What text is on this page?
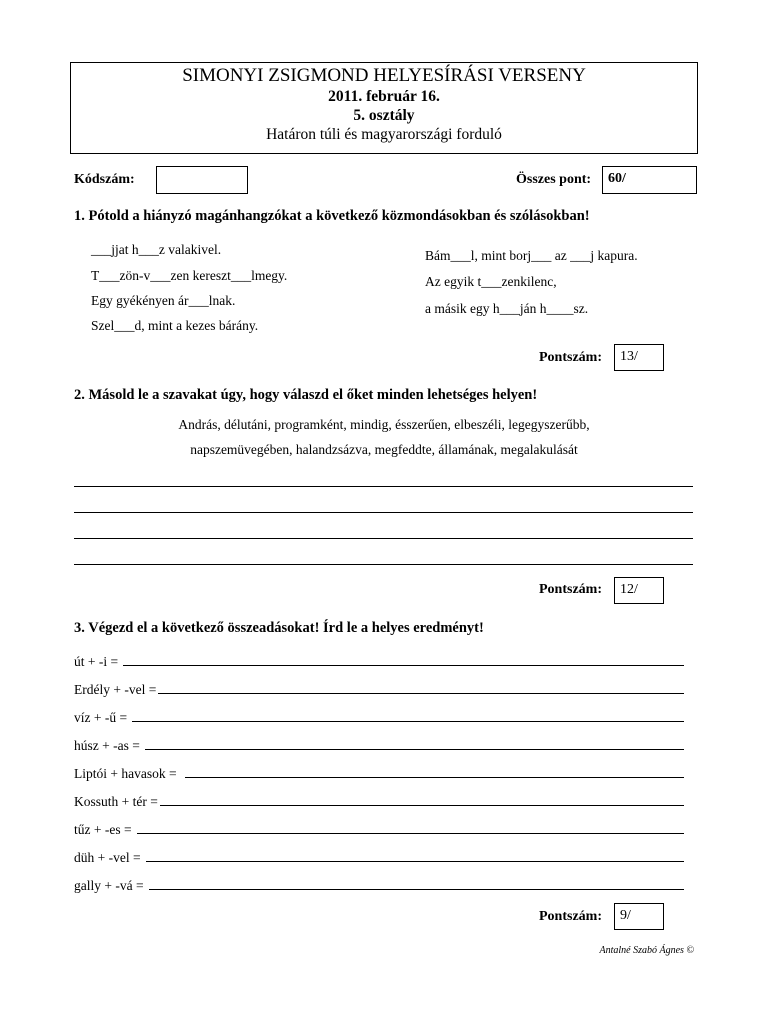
SIMONYI ZSIGMOND HELYESÍRÁSI VERSENY
2011. február 16.
5. osztály
Határon túli és magyarországi forduló
Kódszám:	Összes pont:	60/
1. Pótold a hiányzó magánhangzókat a következő közmondásokban és szólásokban!
___jjat h___z valakivel.
T___zön-v___zen kereszt___lmegy.
Egy gyékényen ár___lnak.
Szel___d, mint a kezes bárány.
Bám___l, mint borj___ az ___j kapura.
Az egyik t___zenkilenc,
a másik egy h___ján h____sz.
Pontszám:	13/
2. Másold le a szavakat úgy, hogy válaszd el őket minden lehetséges helyen!
András, délutáni, programként, mindig, ésszerűen, elbeszéli, legegyszerűbb,
napszemüvegében, halandzsázva, megfeddte, államának, megalakulását
Pontszám:	12/
3. Végezd el a következő összeadásokat! Írd le a helyes eredményt!
út + -i =
Erdély + -vel =
víz + -ű =
húsz + -as =
Liptói + havasok =
Kossuth + tér =
tűz + -es =
düh + -vel =
gally + -vá =
Pontszám:	9/
Antalné Szabó Ágnes ©
